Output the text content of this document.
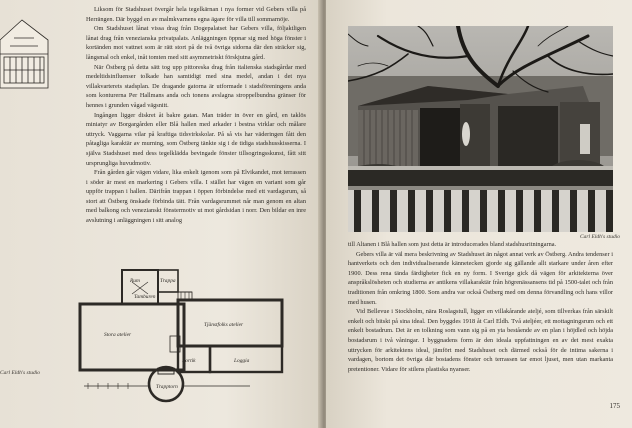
Liksom för Stadshuset övergår hela tegelkärnan i nya former vid Gebers villa på Herrängen. Där byggd en av malmkvarnens egna ägare för villa till sommarnöje.

Om Stadshuset lånat vissa drag från Dogepalatset har Gebers villa, följaktligen lånat drag från venezianska privatpalats. Anläggningen öppnar sig med höga fönster i kortänden mot vattnet som är rätt stort på de två övriga sidorna där den sträcker sig, långsmal och enkel, inåt tomten med sitt asymmetriskt förskjutna gård.

När Östberg på detta sätt tog upp pittoreska drag från italienska stadsgårdar med medeltidsinfluenser tolkade han samtidigt med sina medel, andan i det nya villakvarterets stadsplan. De dragande gatorna är utformade i stadsföreningens anda som konturerna Per Hallmans anda och tonens avslagna stroppelbundna gränser för hennes i grunden vågad vägsnitt.

Ingången ligger diskret åt bakre gatan. Man träder in över en gård, en taklös miniatyr av Borgargården eller Blå hallen med arkader i bestna virklar och målare uttryck. Vaggarna vilar på kraftiga tidsvirkskolar. På så vis har väderingen fått den påtagliga karaktär av murning, som Östberg tänkte sig i de tidiga stadshusskisserna. I själva Stadshuset med dess tegelklädda bevingade fönster tillsogringsskunst, fått sitt ursprungliga huvudmotiv.

Från gården går vägen vidare, lika enkelt igenom som på Elvikandet, mot terrassen i söder är mest en markering i Gebers villa. I stället har vägen en variant som går uppför trappan i hallen. Därifrån trappan i öppen förbindelse med ett vardagsrum, så stort att Östberg önskade förbinda tätt. Från vardagsrummet når man genom en altan med balkong och venezianskt fönstermotiv ut mot gårdsidan i norr. Den bildar en inre avslutning i anläggningen i sitt analog

Stora atelier
Tjänstfolks atelier
Portik	Loggia
Rum	Trappa
Tamburen
Trapptorn
Carl Eldh's studio
Carl Eldh's studio

till Altanen i Blå hallen som just detta är introducerades bland stadshusritningarna.

Gebers villa är väl mera beskrivning av Stadshuset än något annat verk av Östberg. Andra tendenser i hantverkets och den individualiserande kännetecken gjorde sig gällande allt starkare under åren efter 1900. Dess rena tända färdigheter fick en ny form. I Sverige gick då vägen för arkitekterna över anspråkslösheten och studierna av antikens villakaraktär från högrenässansens tid på 1500-talet och från traditionen från omkring 1800. Som andra var också Östberg med om denna förvandling och hans villor med husen.

Vid Bellevue i Stockholm, nära Roslagstull, ligger en villakårande ateljé, som tillverkas från särskilt enkelt och bitskt på sina ideal. Den byggdes 1918 åt Carl Eldh. Två ateljéer, ett mottagningsrum och ett enkelt bostadrum. Det är en tolkning som vann sig på en yta bestående av en plan i höjdled och höjda bostadsrum i två våningar. I byggnadens form är den ideala uppfattningen en av det mest exakta uttrycken för arkitektens ideal, jämfört med Stadshuset och därmed också för de intima sakerna i vardagen, bortom det övriga där bostadens fönster och terrassen tar emot ljuset, men utan markanta pretentioner. Vidare för stilens plastiska nyanser.

175
